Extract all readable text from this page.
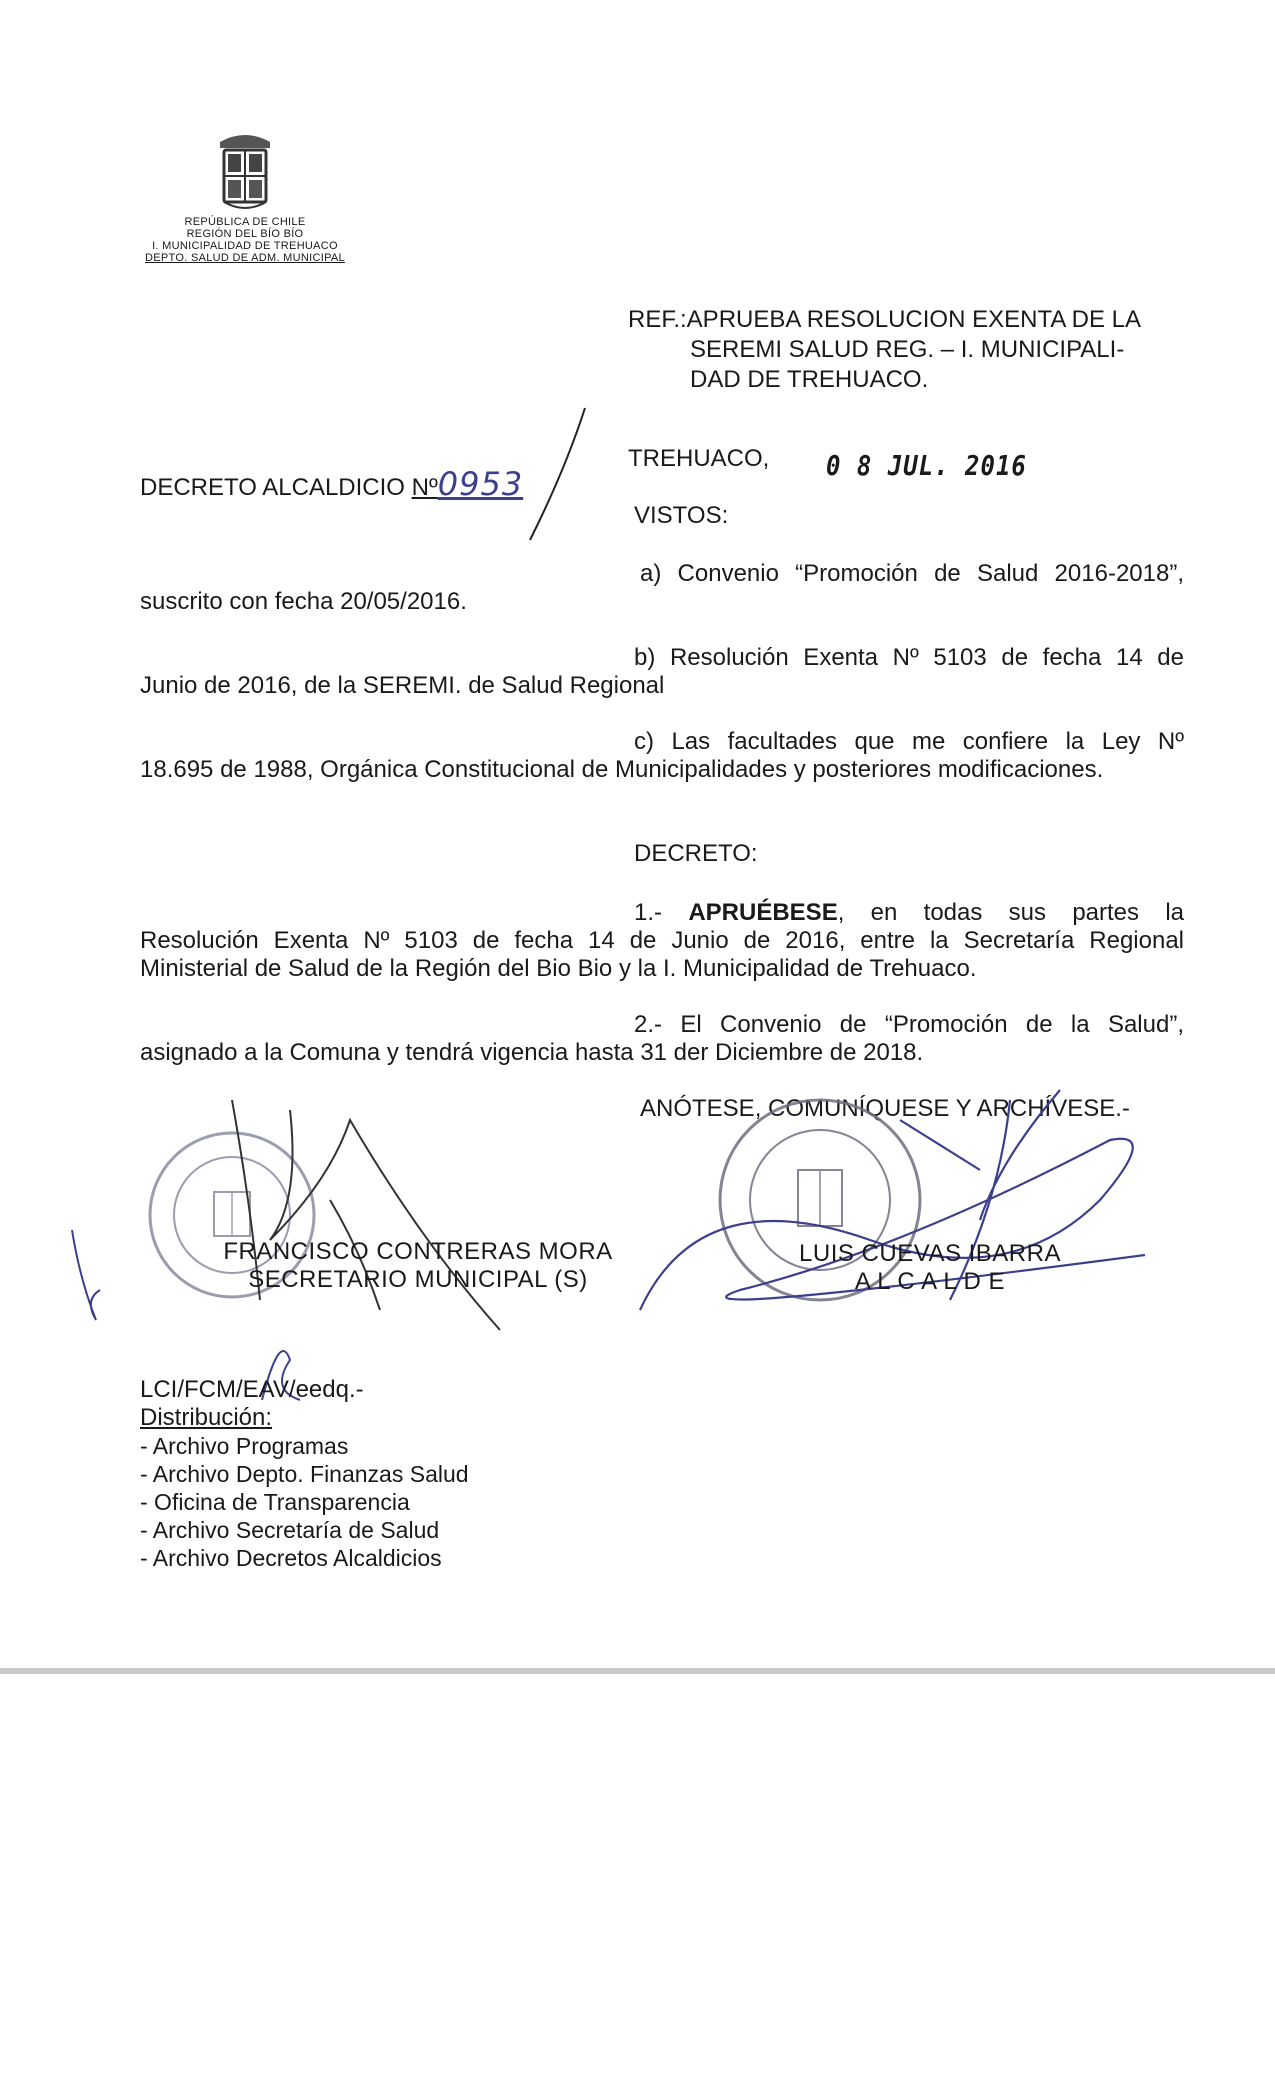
REPÚBLICA DE CHILE
REGIÓN DEL BÍO BÍO
I. MUNICIPALIDAD DE TREHUACO
DEPTO. SALUD DE ADM. MUNICIPAL
REF.:APRUEBA RESOLUCION EXENTA DE LA
SEREMI SALUD REG. – I. MUNICIPALI-
DAD DE TREHUACO.
DECRETO ALCALDICIO Nº0953
TREHUACO, 0 8 JUL. 2016
VISTOS:
a) Convenio “Promoción de Salud 2016-2018”,
suscrito con fecha 20/05/2016.
b) Resolución Exenta Nº 5103 de fecha 14 de
Junio de 2016, de la SEREMI. de Salud Regional
c) Las facultades que me confiere la Ley Nº
18.695 de 1988, Orgánica Constitucional de Municipalidades y posteriores modificaciones.
DECRETO:
1.- APRUÉBESE, en todas sus partes la
Resolución Exenta Nº 5103 de fecha 14 de Junio de 2016, entre la Secretaría Regional
Ministerial de Salud de la Región del Bio Bio y la I. Municipalidad de Trehuaco.
2.- El Convenio de “Promoción de la Salud”,
asignado a la Comuna y tendrá vigencia hasta 31 der Diciembre de 2018.
ANÓTESE, COMUNÍQUESE Y ARCHÍVESE.-
FRANCISCO CONTRERAS MORA
SECRETARIO MUNICIPAL (S)
LUIS CUEVAS IBARRA
A L C A L D E
LCI/FCM/EAV/eedq.-
Distribución:
- Archivo Programas
- Archivo Depto. Finanzas Salud
- Oficina de Transparencia
- Archivo Secretaría de Salud
- Archivo Decretos Alcaldicios
